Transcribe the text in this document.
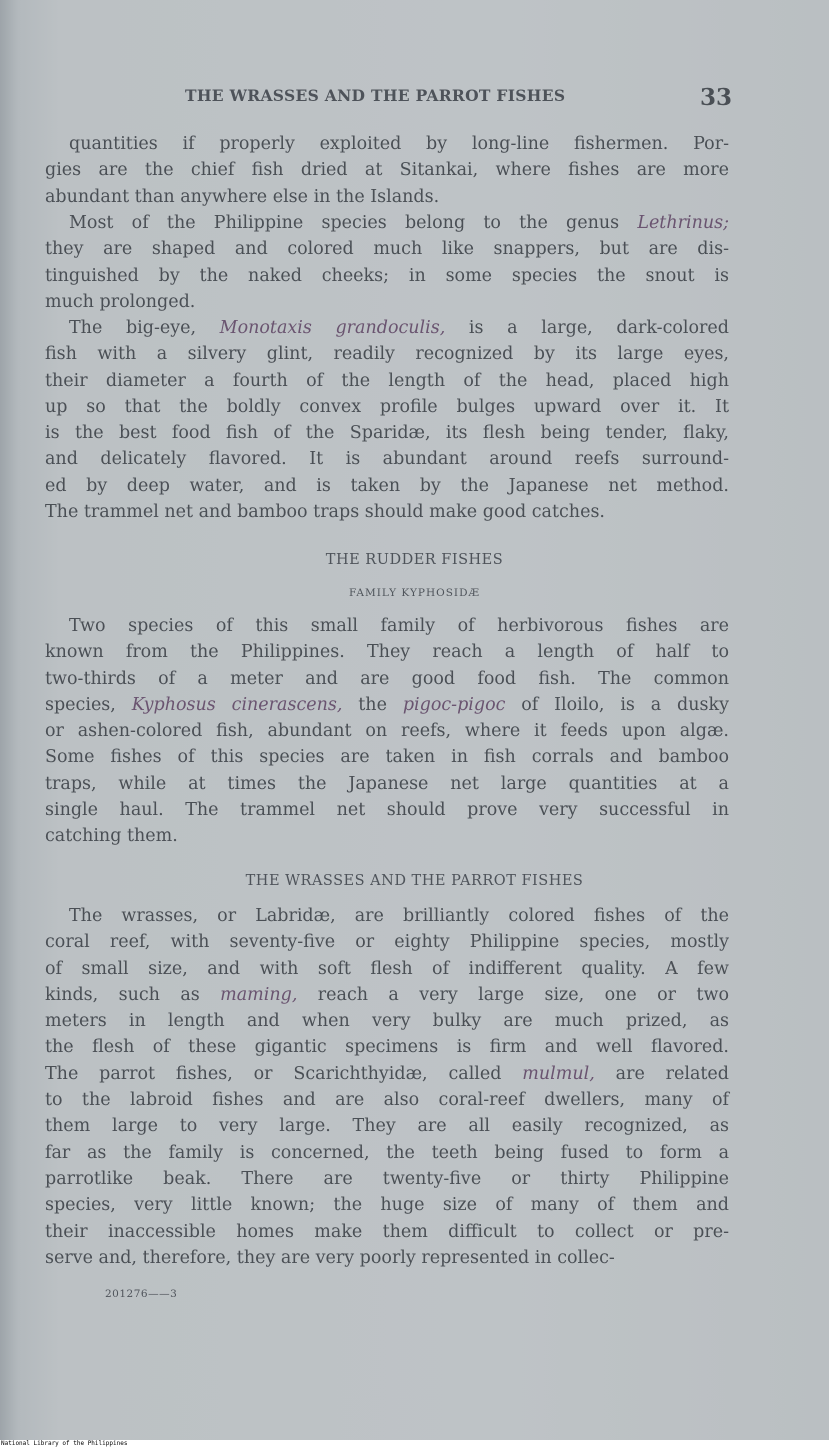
THE WRASSES AND THE PARROT FISHES	33

quantities if properly exploited by long-line fishermen. Por-
gies are the chief fish dried at Sitankai, where fishes are more
abundant than anywhere else in the Islands.

Most of the Philippine species belong to the genus Lethrinus;
they are shaped and colored much like snappers, but are dis-
tinguished by the naked cheeks; in some species the snout is
much prolonged.

The big-eye, Monotaxis grandoculis, is a large, dark-colored
fish with a silvery glint, readily recognized by its large eyes,
their diameter a fourth of the length of the head, placed high
up so that the boldly convex profile bulges upward over it. It
is the best food fish of the Sparidæ, its flesh being tender, flaky,
and delicately flavored. It is abundant around reefs surround-
ed by deep water, and is taken by the Japanese net method.
The trammel net and bamboo traps should make good catches.

THE RUDDER FISHES
FAMILY KYPHOSIDÆ

Two species of this small family of herbivorous fishes are
known from the Philippines. They reach a length of half to
two-thirds of a meter and are good food fish. The common
species, Kyphosus cinerascens, the pigoc-pigoc of Iloilo, is a dusky
or ashen-colored fish, abundant on reefs, where it feeds upon algæ.
Some fishes of this species are taken in fish corrals and bamboo
traps, while at times the Japanese net large quantities at a
single haul. The trammel net should prove very successful in
catching them.

THE WRASSES AND THE PARROT FISHES

The wrasses, or Labridæ, are brilliantly colored fishes of the
coral reef, with seventy-five or eighty Philippine species, mostly
of small size, and with soft flesh of indifferent quality. A few
kinds, such as maming, reach a very large size, one or two
meters in length and when very bulky are much prized, as
the flesh of these gigantic specimens is firm and well flavored.
The parrot fishes, or Scarichthyidæ, called mulmul, are related
to the labroid fishes and are also coral-reef dwellers, many of
them large to very large. They are all easily recognized, as
far as the family is concerned, the teeth being fused to form a
parrotlike beak. There are twenty-five or thirty Philippine
species, very little known; the huge size of many of them and
their inaccessible homes make them difficult to collect or pre-
serve and, therefore, they are very poorly represented in collec-

201276——3
National Library of the Philippines
